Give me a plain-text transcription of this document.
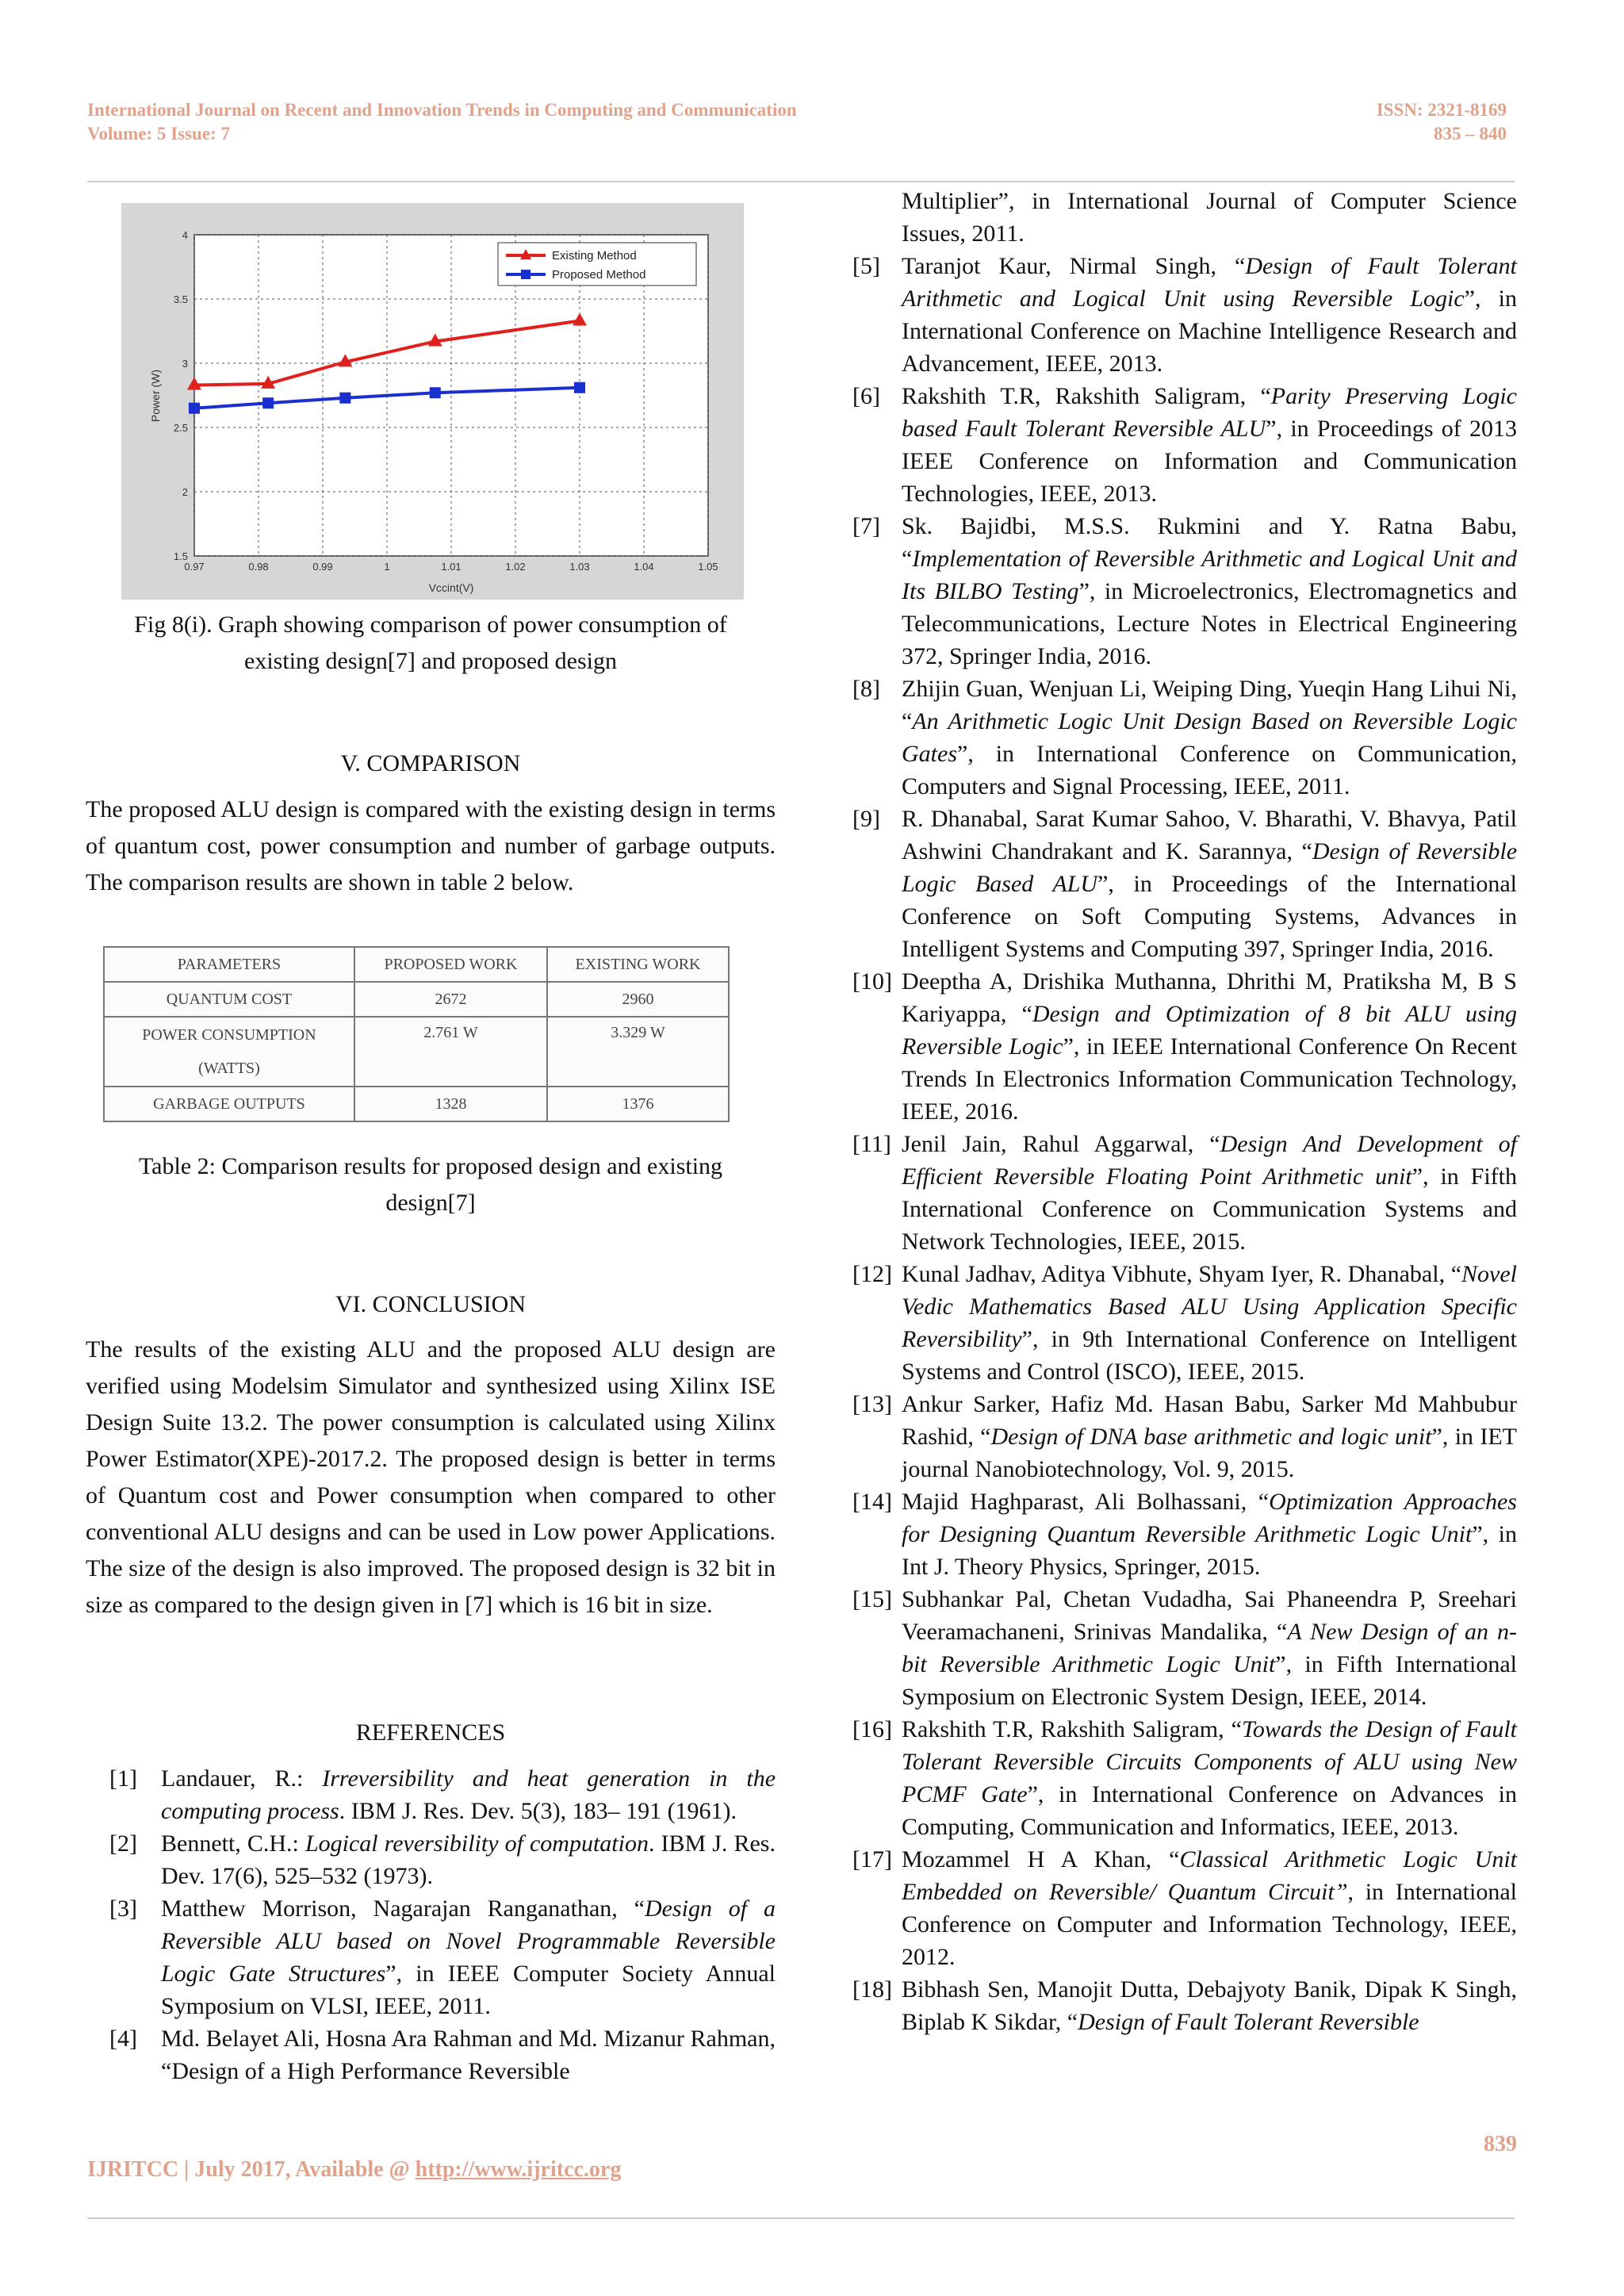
International Journal on Recent and Innovation Trends in Computing and Communication
Volume: 5 Issue: 7
ISSN: 2321-8169
835 – 840
0.97	0.98	0.99	1	1.01	1.02	1.03	1.04	1.05
1.5
2
2.5
3
3.5
4
Existing Method
Proposed Method
Vccint(V)
Power (W)
Fig 8(i). Graph showing comparison of power consumption of
existing design[7] and proposed design
V. COMPARISON
The proposed ALU design is compared with the existing design in terms of quantum cost, power consumption and number of garbage outputs. The comparison results are shown in table 2 below.
PARAMETERS	PROPOSED WORK	EXISTING WORK
QUANTUM COST	2672	2960

POWER CONSUMPTION
(WATTS)	2.761 W	3.329 W
GARBAGE OUTPUTS	1328	1376
Table 2: Comparison results for proposed design and existing
design[7]
VI. CONCLUSION
The results of the existing ALU and the proposed ALU design are verified using Modelsim Simulator and synthesized using Xilinx ISE Design Suite 13.2. The power consumption is calculated using Xilinx Power Estimator(XPE)-2017.2. The proposed design is better in terms of Quantum cost and Power consumption when compared to other conventional ALU designs and can be used in Low power Applications. The size of the design is also improved. The proposed design is 32 bit in size as compared to the design given in [7] which is 16 bit in size.
REFERENCES
[1]	Landauer, R.: Irreversibility and heat generation in the computing process. IBM J. Res. Dev. 5(3), 183– 191 (1961).
[2]	Bennett, C.H.: Logical reversibility of computation. IBM J. Res. Dev. 17(6), 525–532 (1973).
[3]	Matthew Morrison, Nagarajan Ranganathan, “Design of a Reversible ALU based on Novel Programmable Reversible Logic Gate Structures”, in IEEE Computer Society Annual Symposium on VLSI, IEEE, 2011.
[4]	Md. Belayet Ali, Hosna Ara Rahman and Md. Mizanur Rahman, “Design of a High Performance Reversible
Multiplier”, in International Journal of Computer Science Issues, 2011.
[5] Taranjot Kaur, Nirmal Singh, “Design of Fault Tolerant Arithmetic and Logical Unit using Reversible Logic”, in International Conference on Machine Intelligence Research and Advancement, IEEE, 2013.
[6] Rakshith T.R, Rakshith Saligram, “Parity Preserving Logic based Fault Tolerant Reversible ALU”, in Proceedings of 2013 IEEE Conference on Information and Communication Technologies, IEEE, 2013.
[7] Sk. Bajidbi, M.S.S. Rukmini and Y. Ratna Babu, “Implementation of Reversible Arithmetic and Logical Unit and Its BILBO Testing”, in Microelectronics, Electromagnetics and Telecommunications, Lecture Notes in Electrical Engineering 372, Springer India, 2016.
[8] Zhijin Guan, Wenjuan Li, Weiping Ding, Yueqin Hang Lihui Ni, “An Arithmetic Logic Unit Design Based on Reversible Logic Gates”, in International Conference on Communication, Computers and Signal Processing, IEEE, 2011.
[9] R. Dhanabal, Sarat Kumar Sahoo, V. Bharathi, V. Bhavya, Patil Ashwini Chandrakant and K. Sarannya, “Design of Reversible Logic Based ALU”, in Proceedings of the International Conference on Soft Computing Systems, Advances in Intelligent Systems and Computing 397, Springer India, 2016.
[10] Deeptha A, Drishika Muthanna, Dhrithi M, Pratiksha M, B S Kariyappa, “Design and Optimization of 8 bit ALU using Reversible Logic”, in IEEE International Conference On Recent Trends In Electronics Information Communication Technology, IEEE, 2016.
[11] Jenil Jain, Rahul Aggarwal, “Design And Development of Efficient Reversible Floating Point Arithmetic unit”, in Fifth International Conference on Communication Systems and Network Technologies, IEEE, 2015.
[12] Kunal Jadhav, Aditya Vibhute, Shyam Iyer, R. Dhanabal, “Novel Vedic Mathematics Based ALU Using Application Specific Reversibility”, in 9th International Conference on Intelligent Systems and Control (ISCO), IEEE, 2015.
[13] Ankur Sarker, Hafiz Md. Hasan Babu, Sarker Md Mahbubur Rashid, “Design of DNA base arithmetic and logic unit”, in IET journal Nanobiotechnology, Vol. 9, 2015.
[14] Majid Haghparast, Ali Bolhassani, “Optimization Approaches for Designing Quantum Reversible Arithmetic Logic Unit”, in Int J. Theory Physics, Springer, 2015.
[15] Subhankar Pal, Chetan Vudadha, Sai Phaneendra P, Sreehari Veeramachaneni, Srinivas Mandalika, “A New Design of an n-bit Reversible Arithmetic Logic Unit”, in Fifth International Symposium on Electronic System Design, IEEE, 2014.
[16] Rakshith T.R, Rakshith Saligram, “Towards the Design of Fault Tolerant Reversible Circuits Components of ALU using New PCMF Gate”, in International Conference on Advances in Computing, Communication and Informatics, IEEE, 2013.
[17] Mozammel H A Khan, “Classical Arithmetic Logic Unit Embedded on Reversible/ Quantum Circuit”, in International Conference on Computer and Information Technology, IEEE, 2012.
[18] Bibhash Sen, Manojit Dutta, Debajyoty Banik, Dipak K Singh, Biplab K Sikdar, “Design of Fault Tolerant Reversible
839
IJRITCC | July 2017, Available @ http://www.ijritcc.org
